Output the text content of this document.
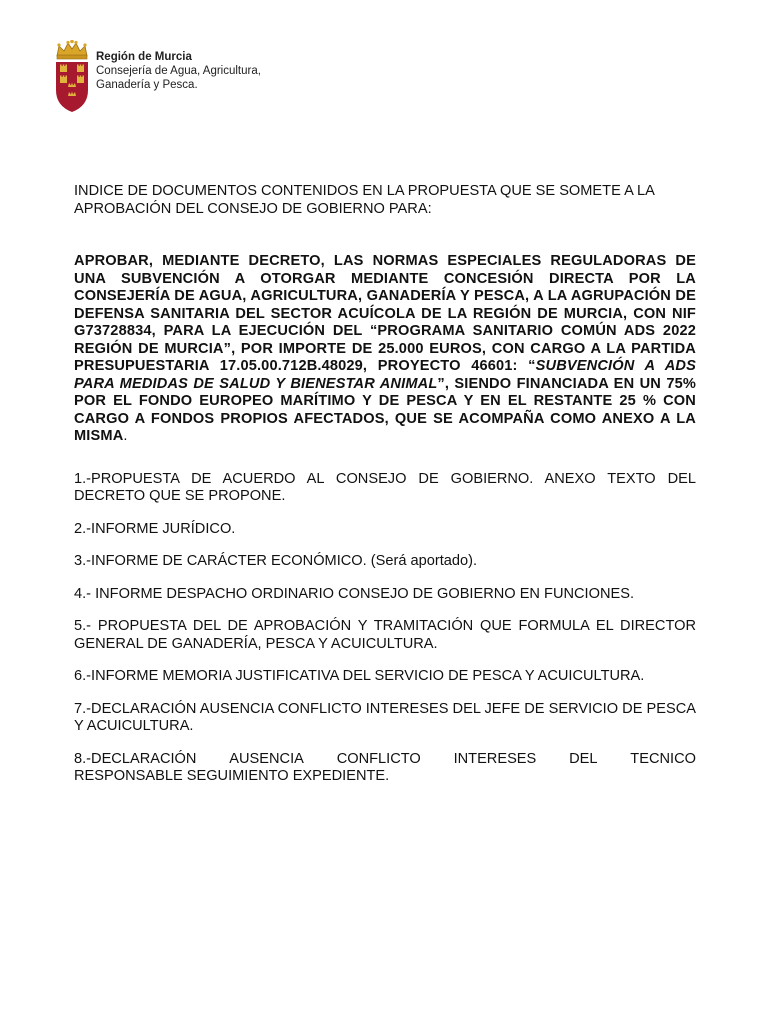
Región de Murcia
Consejería de Agua, Agricultura,
Ganadería y Pesca.

INDICE DE DOCUMENTOS CONTENIDOS EN LA PROPUESTA QUE SE SOMETE A LA APROBACIÓN DEL CONSEJO DE GOBIERNO PARA:

APROBAR, MEDIANTE DECRETO, LAS NORMAS ESPECIALES REGULADORAS DE UNA SUBVENCIÓN A OTORGAR MEDIANTE CONCESIÓN DIRECTA POR LA CONSEJERÍA DE AGUA, AGRICULTURA, GANADERÍA Y PESCA, A LA AGRUPACIÓN DE DEFENSA SANITARIA DEL SECTOR ACUÍCOLA DE LA REGIÓN DE MURCIA, CON NIF G73728834, PARA LA EJECUCIÓN DEL “PROGRAMA SANITARIO COMÚN ADS 2022 REGIÓN DE MURCIA”, POR IMPORTE DE 25.000 EUROS, CON CARGO A LA PARTIDA PRESUPUESTARIA 17.05.00.712B.48029, PROYECTO 46601: “SUBVENCIÓN A ADS PARA MEDIDAS DE SALUD Y BIENESTAR ANIMAL”, SIENDO FINANCIADA EN UN 75% POR EL FONDO EUROPEO MARÍTIMO Y DE PESCA Y EN EL RESTANTE 25 % CON CARGO A FONDOS PROPIOS AFECTADOS, QUE SE ACOMPAÑA COMO ANEXO A LA MISMA.

1.-PROPUESTA DE ACUERDO AL CONSEJO DE GOBIERNO. ANEXO TEXTO DEL DECRETO QUE SE PROPONE.

2.-INFORME JURÍDICO.

3.-INFORME DE CARÁCTER ECONÓMICO. (Será aportado).

4.- INFORME DESPACHO ORDINARIO CONSEJO DE GOBIERNO EN FUNCIONES.

5.- PROPUESTA DEL DE APROBACIÓN Y TRAMITACIÓN QUE FORMULA EL DIRECTOR GENERAL DE GANADERÍA, PESCA Y ACUICULTURA.

6.-INFORME MEMORIA JUSTIFICATIVA DEL SERVICIO DE PESCA Y ACUICULTURA.

7.-DECLARACIÓN AUSENCIA CONFLICTO INTERESES DEL JEFE DE SERVICIO DE PESCA Y ACUICULTURA.

8.-DECLARACIÓN AUSENCIA CONFLICTO INTERESES DEL TECNICO
RESPONSABLE SEGUIMIENTO EXPEDIENTE.
